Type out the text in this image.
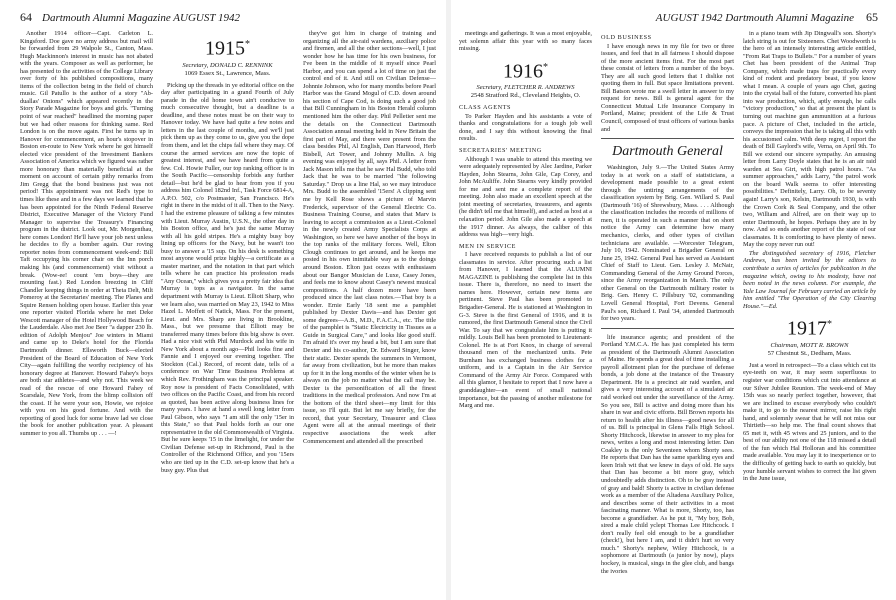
64 Dartmouth Alumni Magazine AUGUST 1942

Another 1914 officer—Capt. Carleton L. Kingsford. Doe gave no army address but mail will be forwarded from 29 Walpole St., Canton, Mass. Hugh Mackinnon's interest in music has not abated with the years. Composer as well as performer, he has presented to the activities of the College Library over forty of his published compositions, many items of the collection being in the field of church music. Gil Patullo is the author of a story "Ab-duallas' Onions" which appeared recently in the Story Parade Magazine for boys and girls. "Turning point of war reached" headlined the morning paper but we had other reasons for thinking same. Red London is on the move again. First he turns up in Hanover for commencement, an hour's stopover in Boston en-route to New York where he got himself elected vice president of the Investment Bankers Association of America which we figured was rather more honorary than materially beneficial at the moment on account of certain pithy remarks from Jim Gregg that the bond business just was not period! This appointment was not Red's type to times like these and in a few days we learned that he has been appointed for the Ninth Federal Reserve District, Executive Manager of the Victory Fund Manager to supervise the Treasury's Financing program in the district. Look out, Mr. Morgenthau, here comes London! He'll have your job next unless he decides to fly a bomber again. Our roving reporter notes from commencement week-end: Bill Taft occupying his corner chair on the Inn porch making his (and commencement) visit without a break. (Wow-ee! count 'em boys—they are mounting fast.) Red London breezing in Cliff Chandler keeping things in order at Theta Delt, Milt Pomeroy at the Secretaries' meeting. The Planes and Squire Rensen holding open house. Earlier this year one reporter visited Florida where he met Deke Wescott manager of the Hotel Hollywood Beach for the Lauderdale. Also met Joe Beer "a dapper 230 lb. edition of Adolph Menjou" Joe winters in Miami and came up to Deke's hotel for the Florida Dartmouth dinner. Ellsworth Buck—elected President of the Board of Education of New York City—again fulfilling the worthy recipiency of his honorary degree at Hanover. Howard Fahey's boys are both star athletes—and why not. This week we read of the rescue of one Howard Fahey of Scarsdale, New York, from the blimp collision off the coast. If he were your son, Howie, we rejoice with you on his good fortune. And with the reporting of good luck for some brave lad we close the book for another publication year. A pleasant summer to you all. Thumbs up . . . —!

1915*
Secretary, DONALD C. RENNINK
1069 Essex St., Lawrence, Mass.

Picking up the threads in ye editorial office on the day after participating in a grand Fourth of July parade in the old home town ain't conducive to much consecutive thought, but a deadline is a deadline, and these notes must be on their way to Hanover today. We have had quite a few notes and letters in the last couple of months, and we'll just pick them up as they come to us, give you the dope from them, and let the chips fall where they may. Of course the armed services are now the topic of greatest interest, and we have heard from quite a few. Col. Howie Fuller, our top ranking officer is in the South Pacific—censorship forbids any further detail—but he'd be glad to hear from you if you address him Colonel 182nd Inf., Task Force 6814-A, A.P.O. 502, c/o Postmaster, San Francisco. He's right in there in the midst of it all. Then to the Navy. I had the extreme pleasure of talking a few minutes with Lieut. Murray Austin, U.S.N., the other day in his Boston office, and he's just the same Murray with all his gold stripes. He's a mighty busy boy lining up officers for the Navy, but he wasn't too busy to answer a '15 sup. On his desk is something most anyone would prize highly—a certificate as a master mariner, and the notation in that part which tells where he can practice his profession reads "Any Ocean," which gives you a pretty fair idea that Murray is tops as a navigator. In the same department with Murray is Lieut. Elliott Sharp, who we learn also, was married on May 23, 1942 to Miss Hazel L. Moffett of Natick, Mass. For the present, Lieut. and Mrs. Sharp are living in Brookline, Mass., but we presume that Elliott may be transferred many times before this big show is over. Had a nice visit with Phil Murdock and his wife in New York about a month ago—Phil looks fine and Fannie and I enjoyed our evening together. The Stockton (Cal.) Record, of recent date, tells of a conference on War Time Business Problems at which Rev. Frothingham was the principal speaker. Roy now is president of Facts Consolidated, with two offices on the Pacific Coast, and from his record as quoted, has been active along business lines for many years. I have at hand a swell long letter from Paul Gibson, who says "I am still the only '15er in this State," so that Paul holds forth as our one representative in the old Commonwealth of Virginia. But he sure keeps '15 in the limelight, for under the Civilian Defense set-up in Richmond, Paul is the Controller of the Richmond Office, and you '15ers who are tied up in the C.D. set-up know that he's a busy guy. Plus that

they've got him in charge of training and organizing all the air-raid wardens, auxiliary police and firemen, and all the other sections—well, I just wonder how he has time for his own business, for I've been in the middle of it myself since Pearl Harbor, and you can spend a lot of time on just the control end of it. And still on Civilian Defense—Johnnie Johnson, who for many months before Pearl Harbor was the Grand Mogul of C.D. down around his section of Cape Cod, is doing such a good job that Bill Cunningham in his Boston Herald column mentioned him the other day. Phil Pelletier sent me the details on the Connecticut Dartmouth Association annual meeting held in New Britain the first part of May, and there were present from the class besides Phil, Al English, Dan Harwood, Herb Bisbell, Art Tower, and Johnny Mullin. A big evening was enjoyed by all, says Phil. A letter from Jack Mason tells me that he saw Hal Budd, who told Jack that he was to be married "the following Saturday." Drop us a line Hal, so we may introduce Mrs. Budd to the assembled '15ers! A clipping sent me by Kell Rose shows a picture of Marvin Frederick, supervisor of the General Electric Co. Business Training Course, and states that Marv is leaving to accept a commission as a Lieut.-Colonel in the newly created Army Specialists Corps at Washington, so here we have another of the boys in the top ranks of the military forces. Well, Elton Clough continues to get around, and he keeps me posted in his own inimitable way as to the doings around Boston. Elton just oozes with enthusiasm about our Bangor Musician de Luxe, Casey Jones, and feels me to know about Casey's newest musical compositions. A half dozen more have been produced since the last class notes.—That boy is a wonder. Ernie Early '18 sent me a pamphlet published by Dexter Davis—and has Dexter got some degrees—A.B., M.D., F.A.C.A., etc. The title of the pamphlet is "Static Electricity in Tissues as a Guide in Surgical Care," and looks like good stuff. I'm afraid it's over my head a bit, but I am sure that Dexter and his co-author, Dr. Edward Singer, know their static. Dexter spends the summers in Vermont, far away from civilization, but he more than makes up for it in the long months of the winter when he is always on the job no matter what the call may be. Dexter is the personification of all the finest traditions in the medical profession. And now I'm at the bottom of the third sheet—my limit for this issue, so I'll quit. But let me say briefly, for the record, that your Secretary, Treasurer and Class Agent were all at the annual meetings of their respective associations the week after Commencement and attended all the prescribed

AUGUST 1942 Dartmouth Alumni Magazine 65

meetings and gatherings. It was a most enjoyable, yet solemn affair this year with so many faces missing.

1916*
Secretary, FLETCHER R. ANDREWS
2548 Stratford Rd., Cleveland Heights, O.
CLASS AGENTS

To Parker Hayden and his assistants a vote of thanks and congratulations for a tough job well done, and I say this without knowing the final results.

SECRETARIES' MEETING

Although I was unable to attend this meeting we were adequately represented by Alec Jardine, Parker Hayden, John Stearns, John Gile, Cap Corey, and John McAuliffe. John Stearns very kindly provided for me and sent me a complete report of the meeting. John also made an excellent speech at the joint meeting of secretaries, treasurers, and agents (he didn't tell me that himself), and acted as host at a relaxation period. John Gile also made a speech at the 1917 dinner. As always, the caliber of this address was high—very high.

MEN IN SERVICE

I have received requests to publish a list of our classmates in service. After procuring such a list from Hanover, I learned that the ALUMNI MAGAZINE is publishing the complete list in this issue. There is, therefore, no need to insert the names here. However, certain new items are pertinent. Steve Paul has been promoted to Brigadier-General. He is stationed at Washington in G-3. Steve is the first General of 1916, and it is rumored, the first Dartmouth General since the Civil War. To say that we congratulate him is putting it mildly. Louis Bell has been promoted to Lieutenant-Colonel. He is at Fort Knox, in charge of several thousand men of the mechanized units. Pete Burnham has exchanged business clothes for a uniform, and is a Captain in the Air Service Command of the Army Air Force. Compared with all this glamor, I hesitate to report that I now have a granddaughter—an event of small national importance, but the passing of another milestone for Marg and me.

OLD BUSINESS

I have enough news in my file for two or three issues, and feel that in all fairness I should dispose of the more ancient items first. For the most part these consist of letters from a number of the boys. They are all such good letters that I dislike not quoting them in full. But space limitations prevent. Bill Batson wrote me a swell letter in answer to my request for news. Bill is general agent for the Connecticut Mutual Life Insurance Company in Portland, Maine; president of the Life & Trust Council, composed of trust officers of various banks and

Dartmouth General

Washington, July 9.—The United States Army today is at work on a staff of statisticians, a development made possible to a great extent through the untiring arrangements of the classification system by Brig. Gen. Willard S. Paul (Dartmouth '16) of Shrewsbury, Mass. . . . Although the classification includes the records of millions of men, it is operated in such a manner that on short notice the Army can determine how many mechanics, clerks, and other types of civilian technicians are available. —Worcester Telegram, July 10, 1942. Nominated a Brigadier General on June 25, 1942. General Paul has served as Assistant Chief of Staff to Lieut. Gen. Lesley J. McNair, Commanding General of the Army Ground Forces, since the Army reorganization in March. The only other General on the Dartmouth military roster is Brig. Gen. Henry C. Pillsbury '02, commanding Lovell General Hospital, Fort Devens. General Paul's son, Richard I. Paul '34, attended Dartmouth for two years.

life insurance agents; and president of the Portland Y.M.C.A. He has just completed his term as president of the Dartmouth Alumni Association of Maine. He spends a great deal of time installing a payroll allotment plan for the purchase of defense bonds, a job done at the instance of the Treasury Department. He is a precinct air raid warden, and gives a very interesting account of a simulated air raid worked out under the surveillance of the Army. So you see, Bill is active and doing more than his share in war and civic efforts. Bill Brown reports his return to health after his illness—good news for all of us. Bill is principal in Glens Falls High School. Shorty Hitchcock, likewise in answer to my plea for news, writes a long and most interesting letter. Dan Coakley is the only Seventeen whom Shorty sees. He reports that Dan has the same sparkling eyes and keen Irish wit that we knew in days of old. He says that Dan has become a bit more gray, which undoubtedly adds distinction. Oh to be gray instead of gray and bald! Shorty is active in civilian defense work as a member of the Altadena Auxiliary Police, and describes some of their activities in a most fascinating manner. What is more, Shorty, too, has become a grandfather. As he put it, "My boy, Bob, sired a male child yclept Thomas Lee Hitchcock. I don't really feel old enough to be a grandfather (check!), but here I am, and it didn't hurt so very much." Shorty's nephew, Wiley Hitchcock, is a sophomore at Dartmouth (a junior by now), plays hockey, is musical, sings in the glee club, and bangs the ivories

in a piano team with Jip Dingwall's son. Shorty's latch string is out for Sixteeners. Chet Woodworth is the hero of an intensely interesting article entitled, "From Rat Traps to Bullets." For a number of years Chet has been president of the Animal Trap Company, which made traps for practically every kind of rodent and predatory beast, if you know what I mean. A couple of years ago Chet, gazing into the crystal ball of the future, converted his plant into war production, which, aptly enough, he calls "victory production," so that at present the plant is turning out machine gun ammunition at a furious pace. A picture of Chet, included in the article, conveys the impression that he is taking all this with his accustomed calm. With deep regret, I report the death of Bill Gaylord's wife, Verna, on April 9th. To Bill we extend our sincere sympathy. An amusing letter from Larry Doyle states that he is an air raid warden at Sea Girt, with high patrol hours. "As summer approaches," adds Larry, "the patrol work on the board Walk seems to offer interesting possibilities." Definitely, Larry. Oh, to be seventy again! Larry's son, Kelsin, Dartmouth 1930, is with the Crown Cork & Seal Company, and the other two, William and Alfred, are on their way up to enter Dartmouth, he hopes. Perhaps they are in by now. And so ends another report of the state of our classmates. It is comforting to have plenty of news. May the copy never run out!

The distinguished secretary of 1916, Fletcher Andrews, has been invited by the editors to contribute a series of articles for publication in the magazine which, owing to his modesty, have not been noted in the news column. For example, the Yale Law Journal for February carried an article by him entitled "The Operation of the City Clearing House."—Ed.

1917*
Chairman, MOTT R. BROWN
57 Chestnut St., Dedham, Mass.

Just a word in retrospect—To a class which cut its eye-teeth on war, it may seem superfluous to register war conditions which cut into attendance at our Silver Jubilee Reunion. The week-end of May 15th was so nearly perfect together, however, that we are inclined to excuse everybody who couldn't make it, to go to the nearest mirror, raise his right hand, and solemnly swear that he will not miss our Thirtieth—so help me. The final count shows that 65 met it, with 45 wives and 25 juniors, and to the best of our ability not one of the 118 missed a detail of the fun which Hal Holloran and his committee made available. You may lay it to inexperience or to the difficulty of getting back to earth so quickly, but your humble servant wishes to correct the list given in the June issue,
